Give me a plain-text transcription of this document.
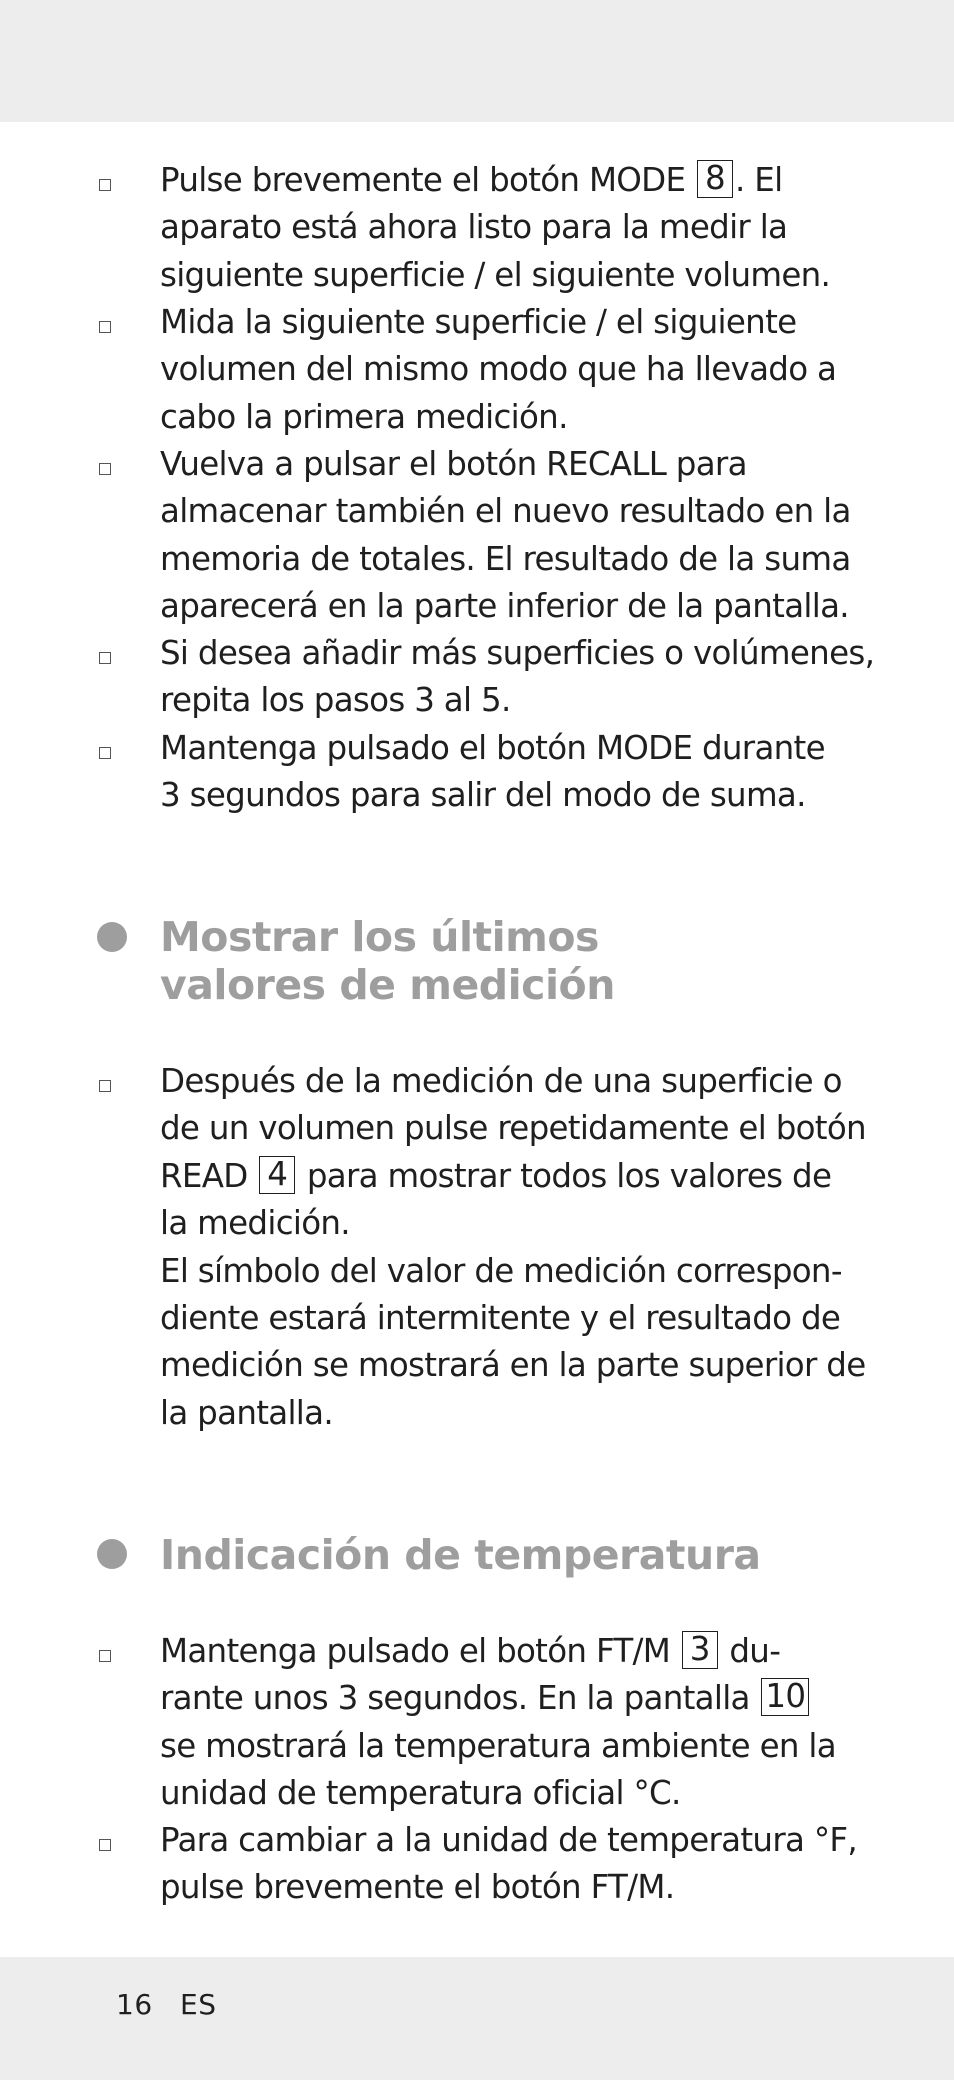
Pulse brevemente el botón MODE 8 . El
aparato está ahora listo para la medir la
siguiente superficie / el siguiente volumen.
Mida la siguiente superficie / el siguiente
volumen del mismo modo que ha llevado a
cabo la primera medición.
Vuelva a pulsar el botón RECALL para
almacenar también el nuevo resultado en la
memoria de totales. El resultado de la suma
aparecerá en la parte inferior de la pantalla.
Si desea añadir más superficies o volúmenes,
repita los pasos 3 al 5.
Mantenga pulsado el botón MODE durante
3 segundos para salir del modo de suma.
Mostrar los últimos
valores de medición
Después de la medición de una superficie o
de un volumen pulse repetidamente el botón
READ 4 para mostrar todos los valores de
la medición.
El símbolo del valor de medición correspon-
diente estará intermitente y el resultado de
medición se mostrará en la parte superior de
la pantalla.
Indicación de temperatura
Mantenga pulsado el botón FT/M 3 du-
rante unos 3 segundos. En la pantalla 10
se mostrará la temperatura ambiente en la
unidad de temperatura oficial °C.
Para cambiar a la unidad de temperatura °F,
pulse brevemente el botón FT/M.
16 ES
